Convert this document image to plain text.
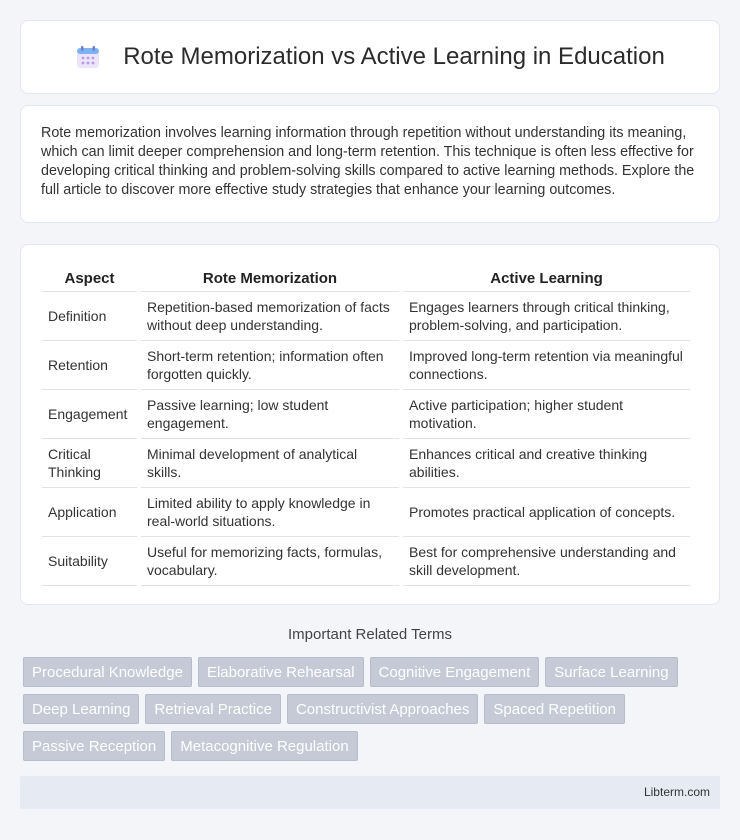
Rote Memorization vs Active Learning in Education

Rote memorization involves learning information through repetition without understanding its meaning, which can limit deeper comprehension and long-term retention. This technique is often less effective for developing critical thinking and problem-solving skills compared to active learning methods. Explore the full article to discover more effective study strategies that enhance your learning outcomes.

Aspect	Rote Memorization	Active Learning
Definition	Repetition-based memorization of facts without deep understanding.	Engages learners through critical thinking, problem-solving, and participation.
Retention	Short-term retention; information often forgotten quickly.	Improved long-term retention via meaningful connections.
Engagement	Passive learning; low student engagement.	Active participation; higher student motivation.
Critical Thinking	Minimal development of analytical skills.	Enhances critical and creative thinking abilities.
Application	Limited ability to apply knowledge in real-world situations.	Promotes practical application of concepts.
Suitability	Useful for memorizing facts, formulas, vocabulary.	Best for comprehensive understanding and skill development.
Important Related Terms
Procedural Knowledge	Elaborative Rehearsal	Cognitive Engagement	Surface Learning
Deep Learning	Retrieval Practice	Constructivist Approaches	Spaced Repetition
Passive Reception	Metacognitive Regulation
Libterm.com
